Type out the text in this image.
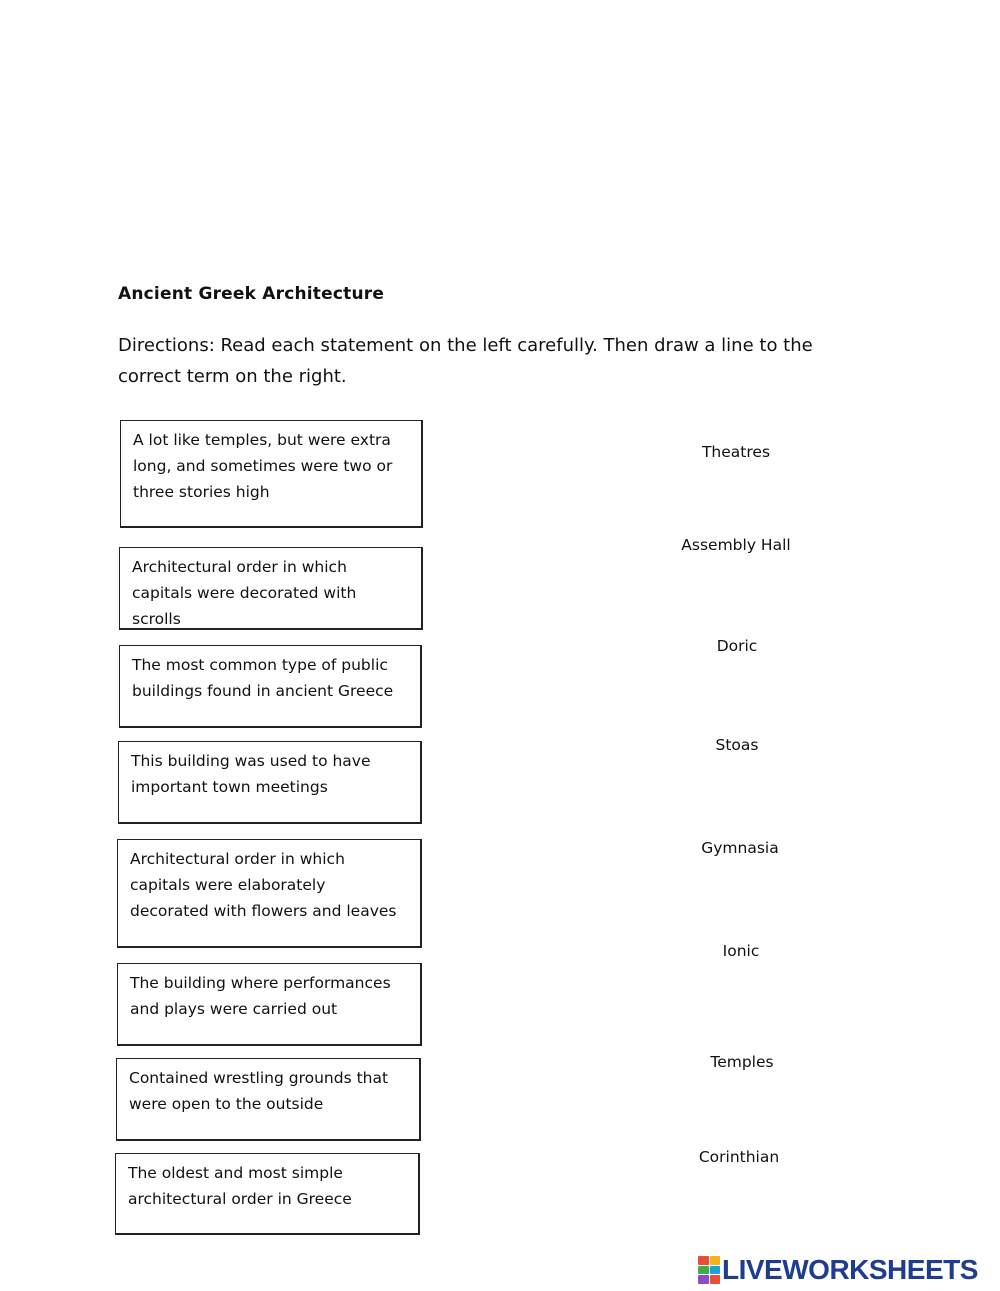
Ancient Greek Architecture
Directions: Read each statement on the left carefully. Then draw a line to the correct term on the right.
A lot like temples, but were extra long, and sometimes were two or three stories high
Architectural order in which capitals were decorated with scrolls
The most common type of public buildings found in ancient Greece
This building was used to have important town meetings
Architectural order in which capitals were elaborately decorated with flowers and leaves
The building where performances and plays were carried out
Contained wrestling grounds that were open to the outside
The oldest and most simple architectural order in Greece
Theatres
Assembly Hall
Doric
Stoas
Gymnasia
Ionic
Temples
Corinthian
LIVEWORKSHEETS
